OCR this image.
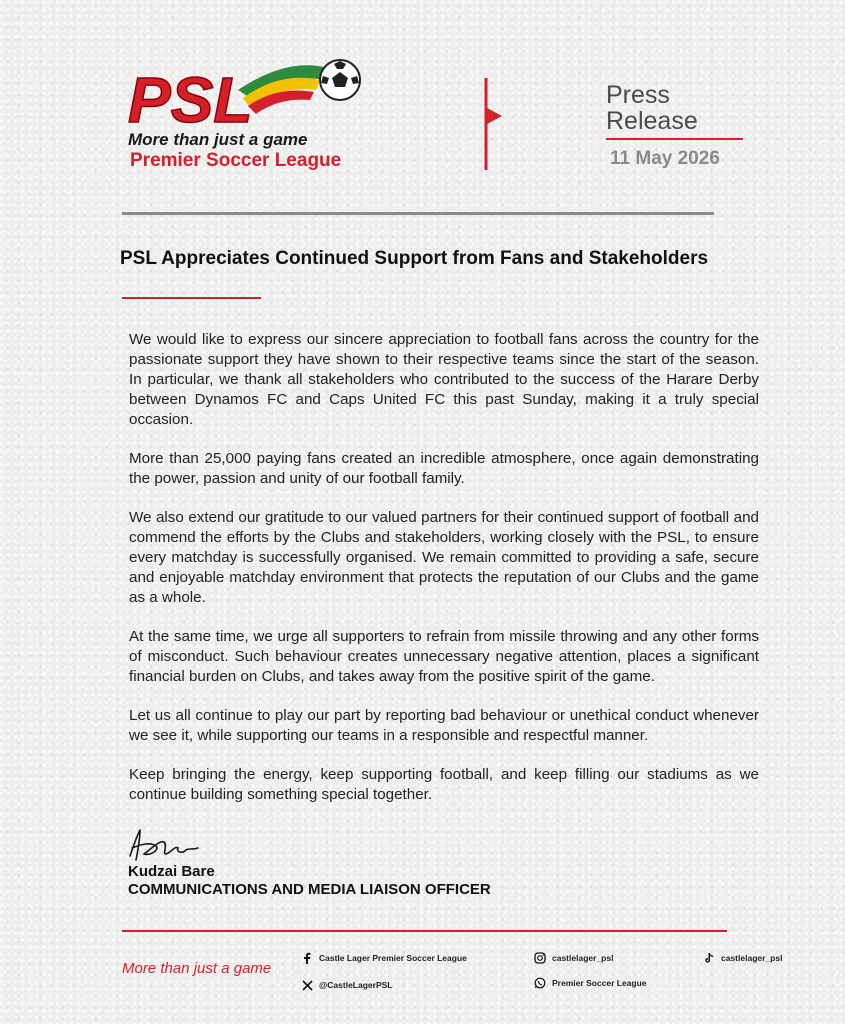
PSL
More than just a game
Premier Soccer League
Press
Release
11 May 2026
PSL Appreciates Continued Support from Fans and Stakeholders

We would like to express our sincere appreciation to football fans across the country for the passionate support they have shown to their respective teams since the start of the season. In particular, we thank all stakeholders who contributed to the success of the Harare Derby between Dynamos FC and Caps United FC this past Sunday, making it a truly special occasion.

More than 25,000 paying fans created an incredible atmosphere, once again demonstrating the power, passion and unity of our football family.

We also extend our gratitude to our valued partners for their continued support of football and commend the efforts by the Clubs and stakeholders, working closely with the PSL, to ensure every matchday is successfully organised. We remain committed to providing a safe, secure and enjoyable matchday environment that protects the reputation of our Clubs and the game as a whole.

At the same time, we urge all supporters to refrain from missile throwing and any other forms of misconduct. Such behaviour creates unnecessary negative attention, places a significant financial burden on Clubs, and takes away from the positive spirit of the game.

Let us all continue to play our part by reporting bad behaviour or unethical conduct whenever we see it, while supporting our teams in a responsible and respectful manner.

Keep bringing the energy, keep supporting football, and keep filling our stadiums as we continue building something special together.

Kudzai Bare
COMMUNICATIONS AND MEDIA LIAISON OFFICER
More than just a game
Castle Lager Premier Soccer League
@CastleLagerPSL
castlelager_psl
Premier Soccer League
castlelager_psl
